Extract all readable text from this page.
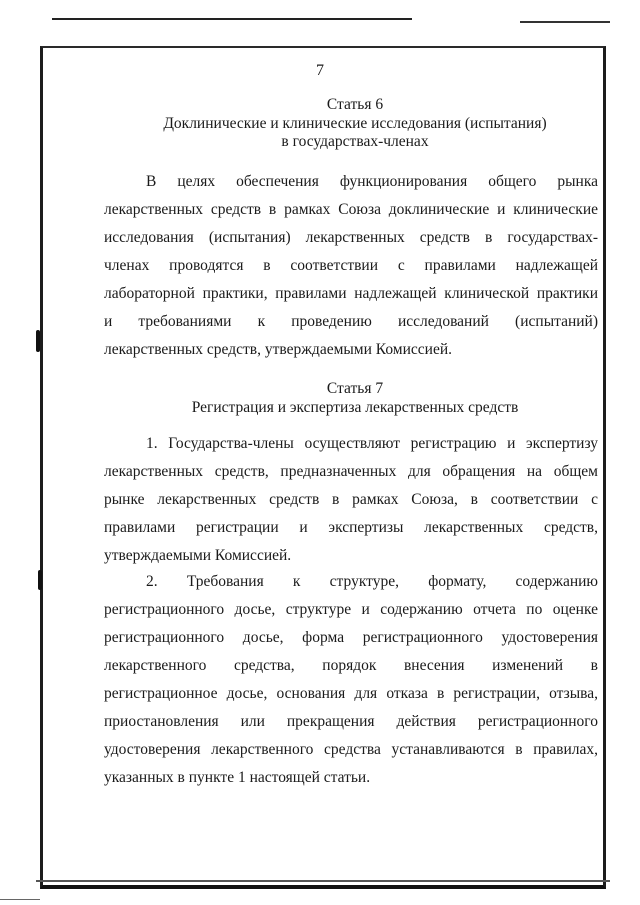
7
Статья 6
Доклинические и клинические исследования (испытания)
в государствах-членах
В целях обеспечения функционирования общего рынка
лекарственных средств в рамках Союза доклинические и клинические
исследования (испытания) лекарственных средств в государствах-
членах проводятся в соответствии с правилами надлежащей
лабораторной практики, правилами надлежащей клинической практики
и требованиями к проведению исследований (испытаний)
лекарственных средств, утверждаемыми Комиссией.
Статья 7
Регистрация и экспертиза лекарственных средств
1. Государства-члены осуществляют регистрацию и экспертизу
лекарственных средств, предназначенных для обращения на общем
рынке лекарственных средств в рамках Союза, в соответствии с
правилами регистрации и экспертизы лекарственных средств,
утверждаемыми Комиссией.
2. Требования к структуре, формату, содержанию
регистрационного досье, структуре и содержанию отчета по оценке
регистрационного досье, форма регистрационного удостоверения
лекарственного средства, порядок внесения изменений в
регистрационное досье, основания для отказа в регистрации, отзыва,
приостановления или прекращения действия регистрационного
удостоверения лекарственного средства устанавливаются в правилах,
указанных в пункте 1 настоящей статьи.
